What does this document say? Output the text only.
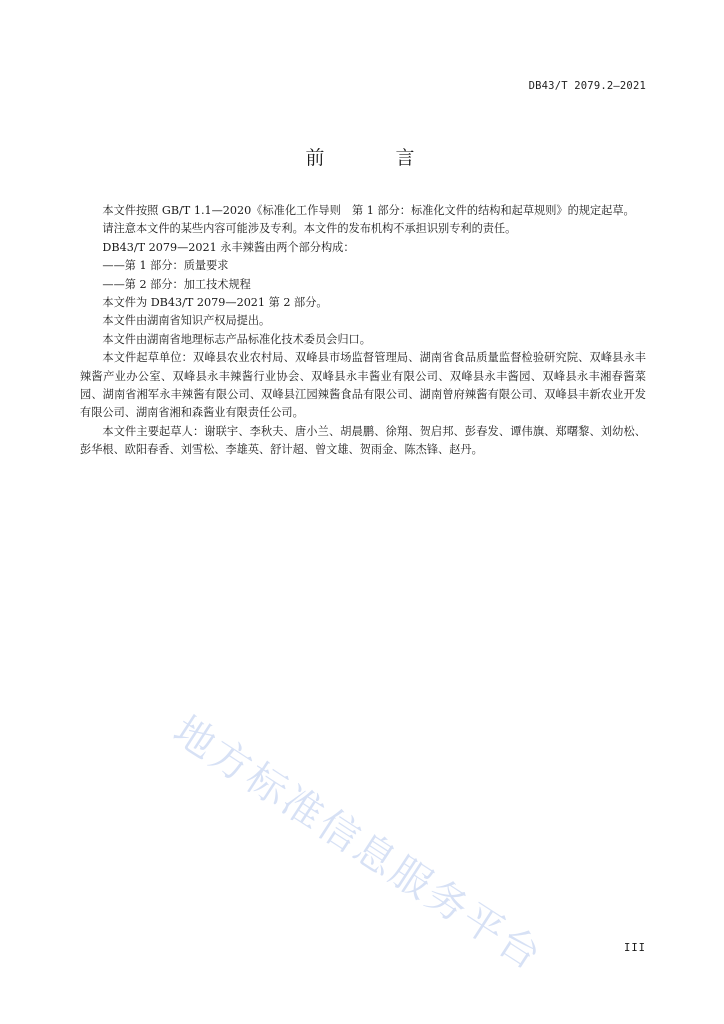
DB43/T 2079.2—2021
前　言

本文件按照 GB/T 1.1—2020《标准化工作导则　第 1 部分：标准化文件的结构和起草规则》的规定起草。

请注意本文件的某些内容可能涉及专利。本文件的发布机构不承担识别专利的责任。

DB43/T 2079—2021 永丰辣酱由两个部分构成：

——第 1 部分：质量要求

——第 2 部分：加工技术规程

本文件为 DB43/T 2079—2021 第 2 部分。

本文件由湖南省知识产权局提出。

本文件由湖南省地理标志产品标准化技术委员会归口。

本文件起草单位：双峰县农业农村局、双峰县市场监督管理局、湖南省食品质量监督检验研究院、双峰县永丰辣酱产业办公室、双峰县永丰辣酱行业协会、双峰县永丰酱业有限公司、双峰县永丰酱园、双峰县永丰湘春酱菜园、湖南省湘军永丰辣酱有限公司、双峰县江园辣酱食品有限公司、湖南曾府辣酱有限公司、双峰县丰新农业开发有限公司、湖南省湘和森酱业有限责任公司。

本文件主要起草人：谢联宇、李秋夫、唐小兰、胡晨鹏、徐翔、贺启邦、彭春发、谭伟旗、郑曙黎、刘幼松、彭华根、欧阳春香、刘雪松、李雄英、舒计超、曾文雄、贺雨金、陈杰锋、赵丹。

地方标准信息服务平台	III
